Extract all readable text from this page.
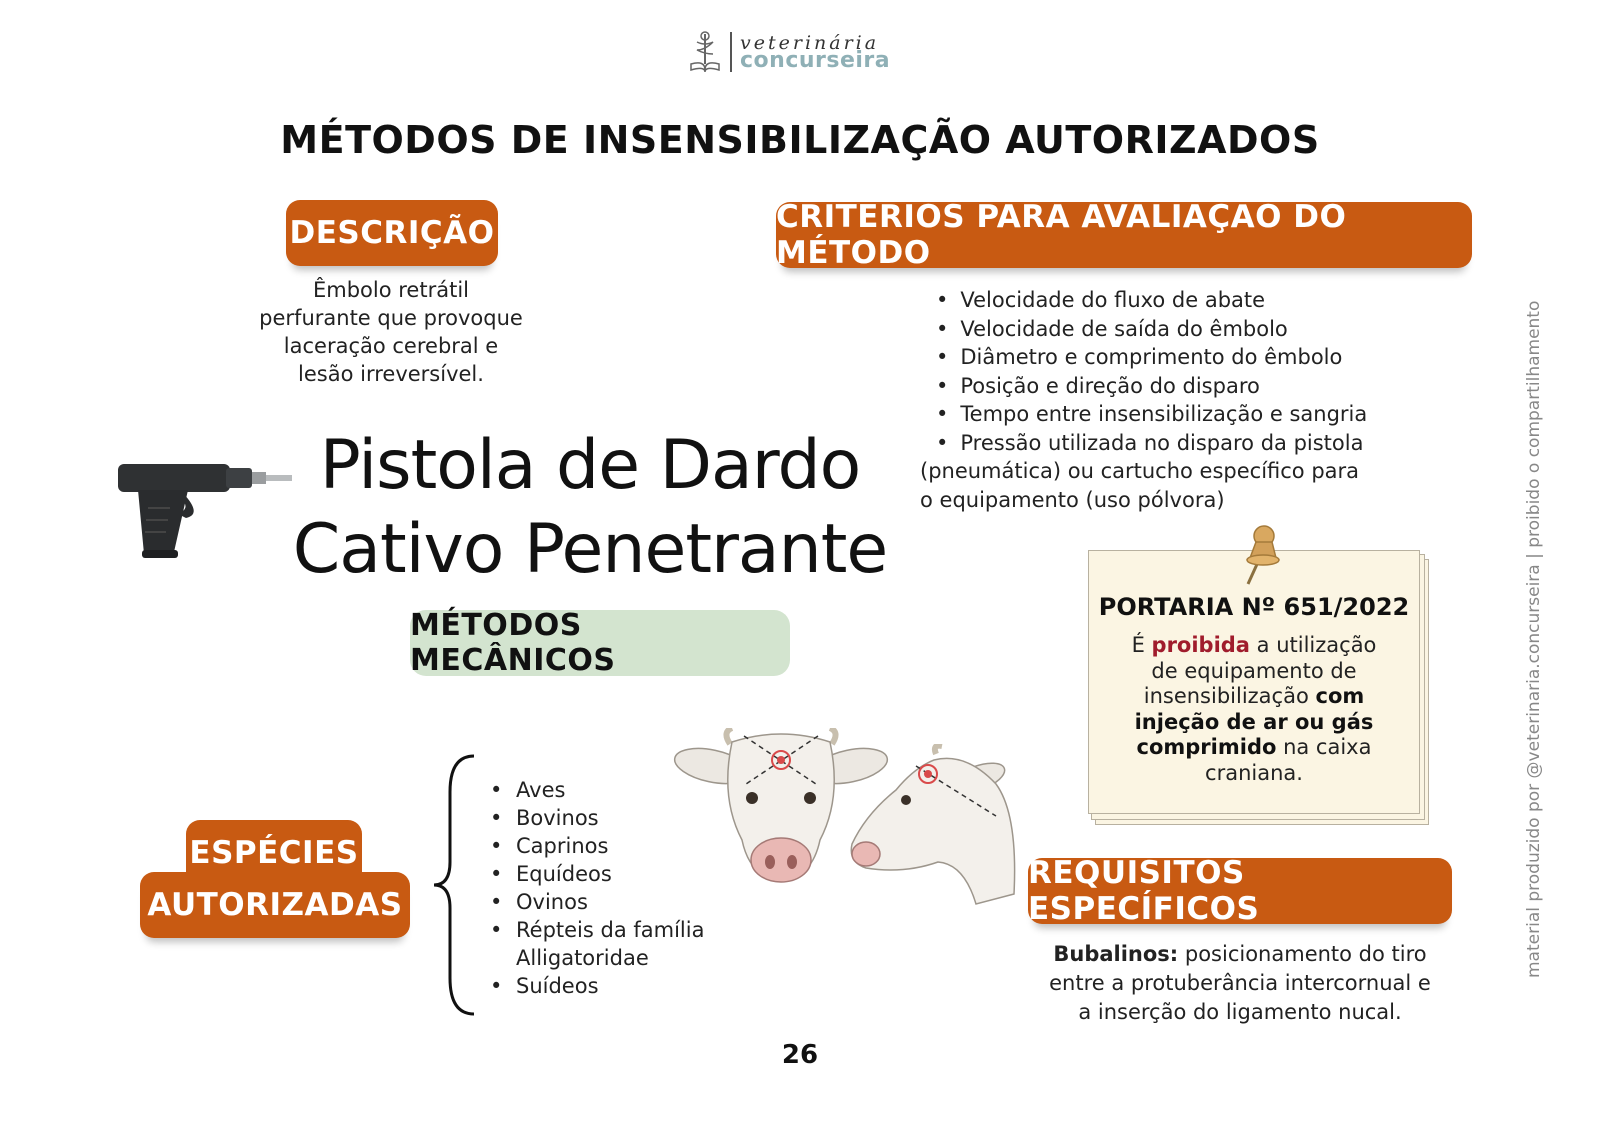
veterinária
concurseira
MÉTODOS DE INSENSIBILIZAÇÃO AUTORIZADOS
DESCRIÇÃO
Êmbolo retrátil
perfurante que provoque
laceração cerebral e
lesão irreversível.
CRITÉRIOS PARA AVALIAÇÃO DO MÉTODO
• Velocidade do fluxo de abate
• Velocidade de saída do êmbolo
• Diâmetro e comprimento do êmbolo
• Posição e direção do disparo
• Tempo entre insensibilização e sangria
• Pressão utilizada no disparo da pistola
(pneumática) ou cartucho específico para
o equipamento (uso pólvora)
Pistola de Dardo
Cativo Penetrante
MÉTODOS MECÂNICOS
PORTARIA Nº 651/2022
É proibida a utilização
de equipamento de
insensibilização com
injeção de ar ou gás
comprimido na caixa
craniana.
ESPÉCIES
AUTORIZADAS
• Aves
• Bovinos
• Caprinos
• Equídeos
• Ovinos
• Répteis da família
Alligatoridae
• Suídeos
REQUISITOS ESPECÍFICOS
Bubalinos: posicionamento do tiro
entre a protuberância intercornual e
a inserção do ligamento nucal.
26
material produzido por @veterinaria.concurseira | proibido o compartilhamento
